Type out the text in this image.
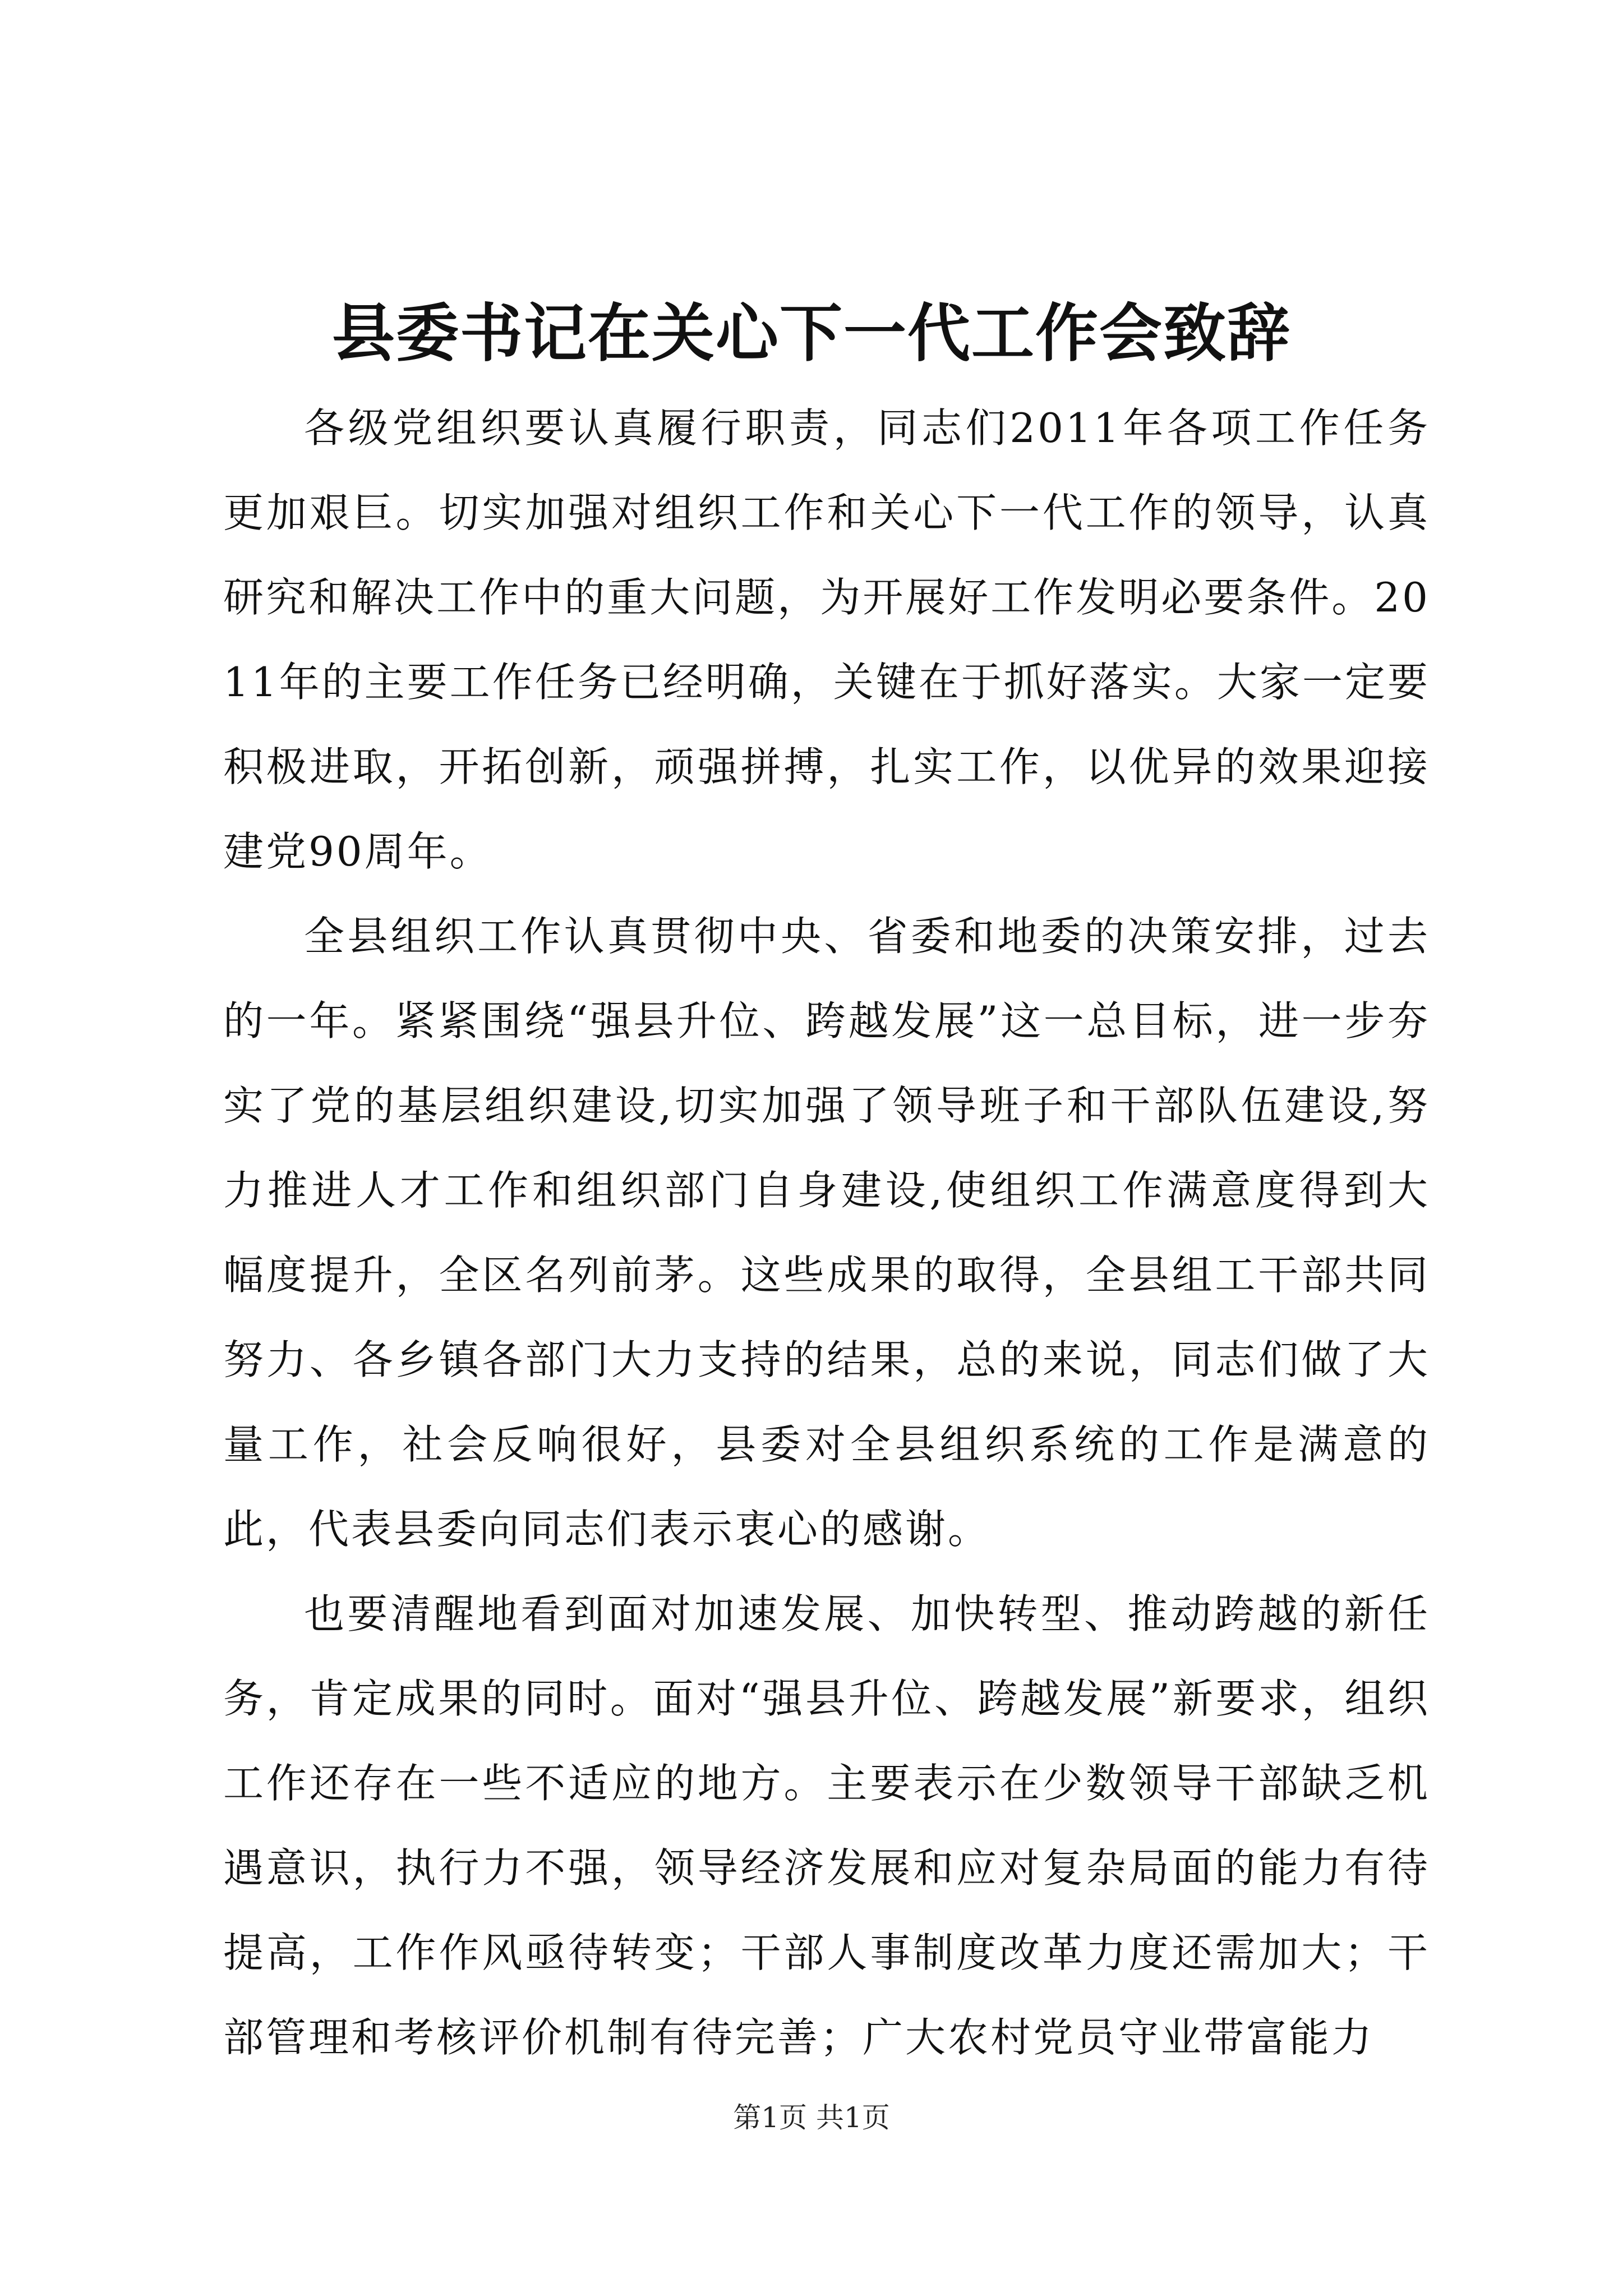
县委书记在关心下一代工作会致辞

各级党组织要认真履行职责，同志们2011年各项工作任务更加艰巨。切实加强对组织工作和关心下一代工作的领导，认真研究和解决工作中的重大问题，为开展好工作发明必要条件。2011年的主要工作任务已经明确，关键在于抓好落实。大家一定要积极进取，开拓创新，顽强拼搏，扎实工作，以优异的效果迎接建党90周年。

全县组织工作认真贯彻中央、省委和地委的决策安排，过去的一年。紧紧围绕“强县升位、跨越发展”这一总目标，进一步夯实了党的基层组织建设,切实加强了领导班子和干部队伍建设,努力推进人才工作和组织部门自身建设,使组织工作满意度得到大幅度提升，全区名列前茅。这些成果的取得，全县组工干部共同努力、各乡镇各部门大力支持的结果，总的来说，同志们做了大量工作，社会反响很好，县委对全县组织系统的工作是满意的此，代表县委向同志们表示衷心的感谢。

也要清醒地看到面对加速发展、加快转型、推动跨越的新任务，肯定成果的同时。面对“强县升位、跨越发展”新要求，组织工作还存在一些不适应的地方。主要表示在少数领导干部缺乏机遇意识，执行力不强，领导经济发展和应对复杂局面的能力有待提高，工作作风亟待转变；干部人事制度改革力度还需加大；干部管理和考核评价机制有待完善；广大农村党员守业带富能力

第1页 共1页
